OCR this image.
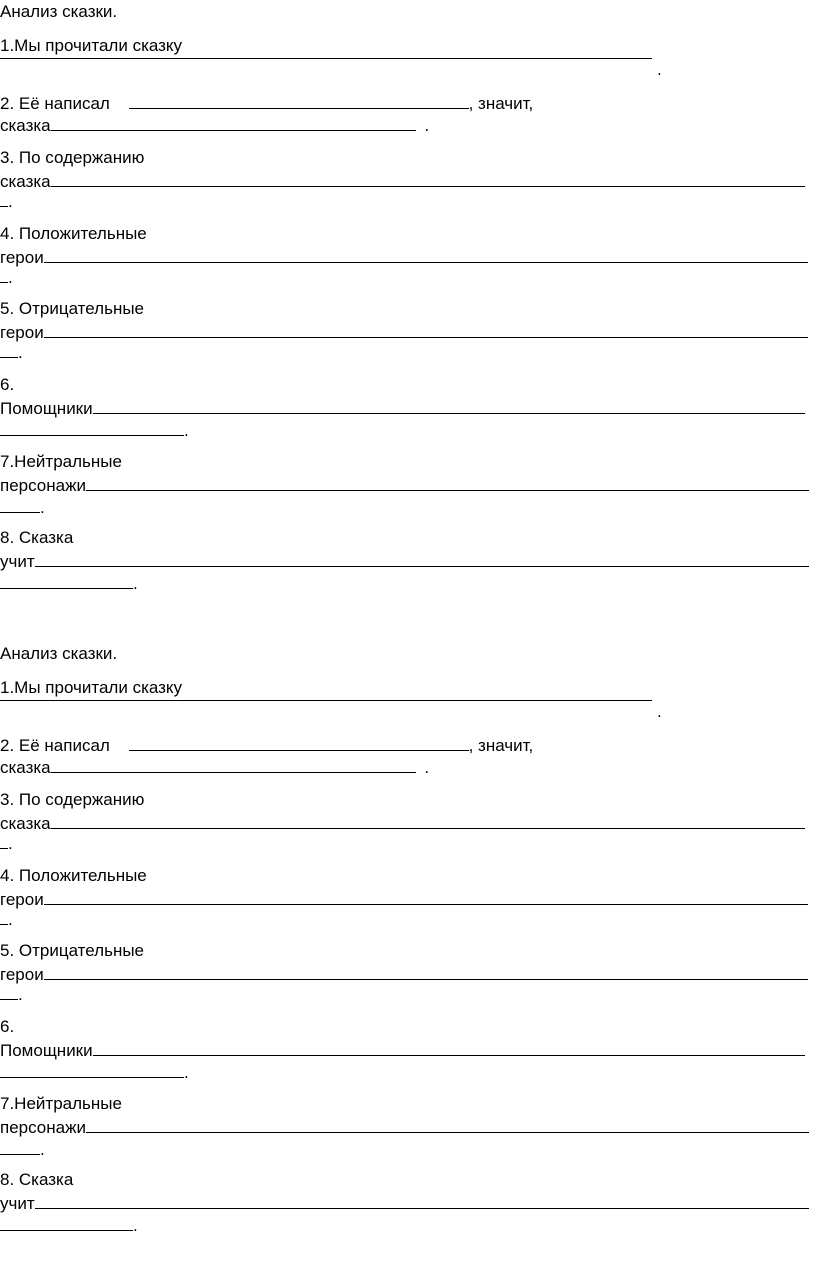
Анализ сказки.
1.Мы прочитали сказку
.
2. Её написал	, значит,
сказка	.
3. По содержанию
сказка
.
4. Положительные
герои
.
5. Отрицательные
герои
.
6.
Помощники
.
7.Нейтральные
персонажи
.
8. Сказка
учит
.
Анализ сказки.
1.Мы прочитали сказку
.
2. Её написал	, значит,
сказка	.
3. По содержанию
сказка
.
4. Положительные
герои
.
5. Отрицательные
герои
.
6.
Помощники
.
7.Нейтральные
персонажи
.
8. Сказка
учит
.
